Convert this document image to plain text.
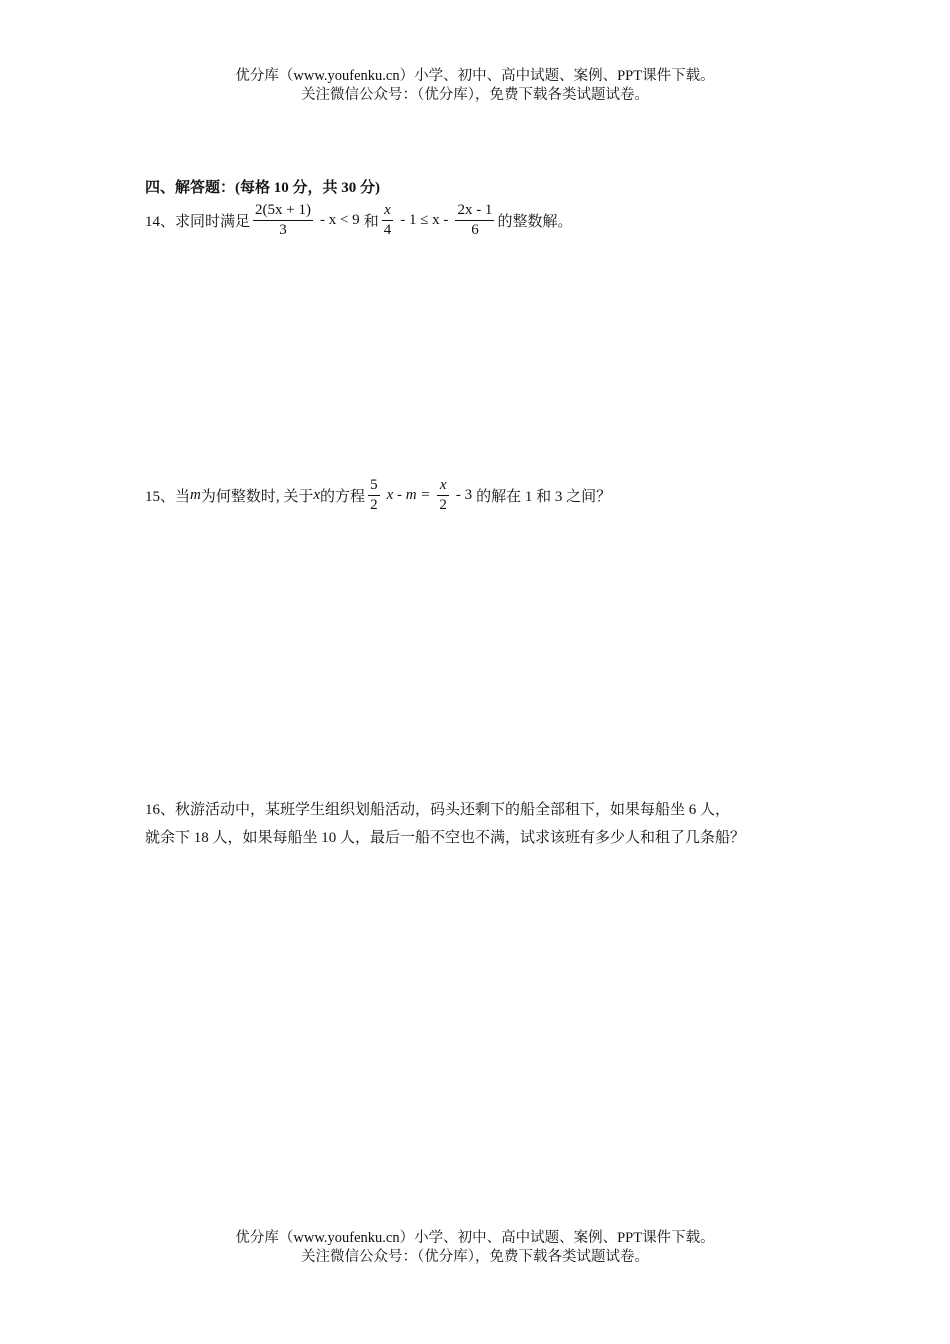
优分库（www.youfenku.cn）小学、初中、高中试题、案例、PPT课件下载。
关注微信公众号：（优分库），免费下载各类试题试卷。
四、解答题：(每格 10 分，共 30 分)
14、求同时满足 $\frac{2(5x + 1)}{3} - x < 9$ 和 $\frac{x}{4} - 1 \le x - \frac{2x - 1}{6}$ 的整数解。
15、当 m 为何整数时, 关于 x 的方程 $\frac{5}{2}$ $x - m = \frac{x}{2} - 3$ 的解在 1 和 3 之间？
16、秋游活动中，某班学生组织划船活动，码头还剩下的船全部租下，如果每船坐 6 人，
就余下 18 人，如果每船坐 10 人，最后一船不空也不满，试求该班有多少人和租了几条船？
优分库（www.youfenku.cn）小学、初中、高中试题、案例、PPT课件下载。
关注微信公众号：（优分库），免费下载各类试题试卷。
